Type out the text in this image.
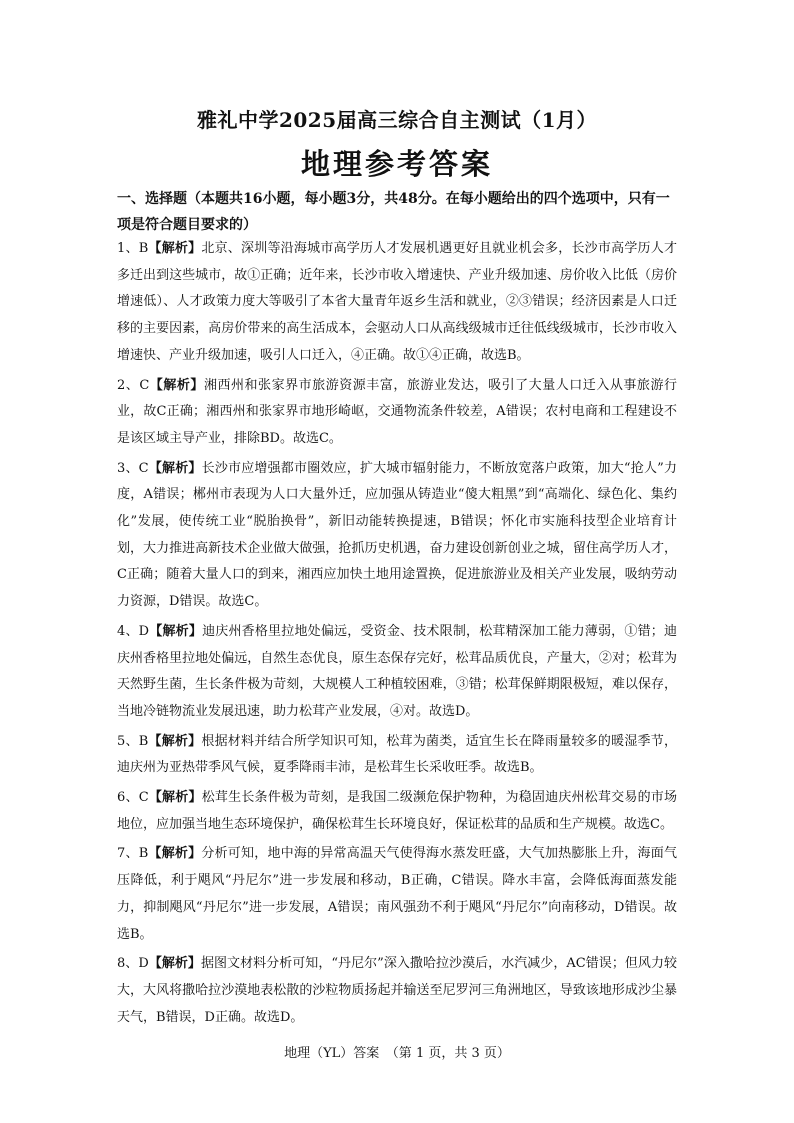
雅礼中学2025届高三综合自主测试（1月）
地理参考答案
一、选择题（本题共16小题，每小题3分，共48分。在每小题给出的四个选项中，只有一项是符合题目要求的）

1、B【解析】北京、深圳等沿海城市高学历人才发展机遇更好且就业机会多，长沙市高学历人才多迁出到这些城市，故①正确；近年来，长沙市收入增速快、产业升级加速、房价收入比低（房价增速低）、人才政策力度大等吸引了本省大量青年返乡生活和就业，②③错误；经济因素是人口迁移的主要因素，高房价带来的高生活成本，会驱动人口从高线级城市迁往低线级城市，长沙市收入增速快、产业升级加速，吸引人口迁入，④正确。故①④正确，故选B。

2、C【解析】湘西州和张家界市旅游资源丰富，旅游业发达，吸引了大量人口迁入从事旅游行业，故C正确；湘西州和张家界市地形崎岖，交通物流条件较差，A错误；农村电商和工程建设不是该区域主导产业，排除BD。故选C。

3、C【解析】长沙市应增强都市圈效应，扩大城市辐射能力，不断放宽落户政策，加大“抢人”力度，A错误；郴州市表现为人口大量外迁，应加强从铸造业“傻大粗黑”到“高端化、绿色化、集约化”发展，使传统工业“脱胎换骨”，新旧动能转换提速，B错误；怀化市实施科技型企业培育计划，大力推进高新技术企业做大做强，抢抓历史机遇，奋力建设创新创业之城，留住高学历人才，C正确；随着大量人口的到来，湘西应加快土地用途置换，促进旅游业及相关产业发展，吸纳劳动力资源，D错误。故选C。

4、D【解析】迪庆州香格里拉地处偏远，受资金、技术限制，松茸精深加工能力薄弱，①错；迪庆州香格里拉地处偏远，自然生态优良，原生态保存完好，松茸品质优良，产量大，②对；松茸为天然野生菌，生长条件极为苛刻，大规模人工种植较困难，③错；松茸保鲜期限极短，难以保存，当地冷链物流业发展迅速，助力松茸产业发展，④对。故选D。

5、B【解析】根据材料并结合所学知识可知，松茸为菌类，适宜生长在降雨量较多的暖湿季节，迪庆州为亚热带季风气候，夏季降雨丰沛，是松茸生长采收旺季。故选B。

6、C【解析】松茸生长条件极为苛刻，是我国二级濒危保护物种，为稳固迪庆州松茸交易的市场地位，应加强当地生态环境保护，确保松茸生长环境良好，保证松茸的品质和生产规模。故选C。

7、B【解析】分析可知，地中海的异常高温天气使得海水蒸发旺盛，大气加热膨胀上升，海面气压降低，利于飓风“丹尼尔”进一步发展和移动，B正确，C错误。降水丰富，会降低海面蒸发能力，抑制飓风“丹尼尔”进一步发展，A错误；南风强劲不利于飓风“丹尼尔”向南移动，D错误。故选B。

8、D【解析】据图文材料分析可知，“丹尼尔”深入撒哈拉沙漠后，水汽减少，AC错误；但风力较大，大风将撒哈拉沙漠地表松散的沙粒物质扬起并输送至尼罗河三角洲地区，导致该地形成沙尘暴天气，B错误，D正确。故选D。

地理（YL）答案　（第 1 页，共 3 页）
